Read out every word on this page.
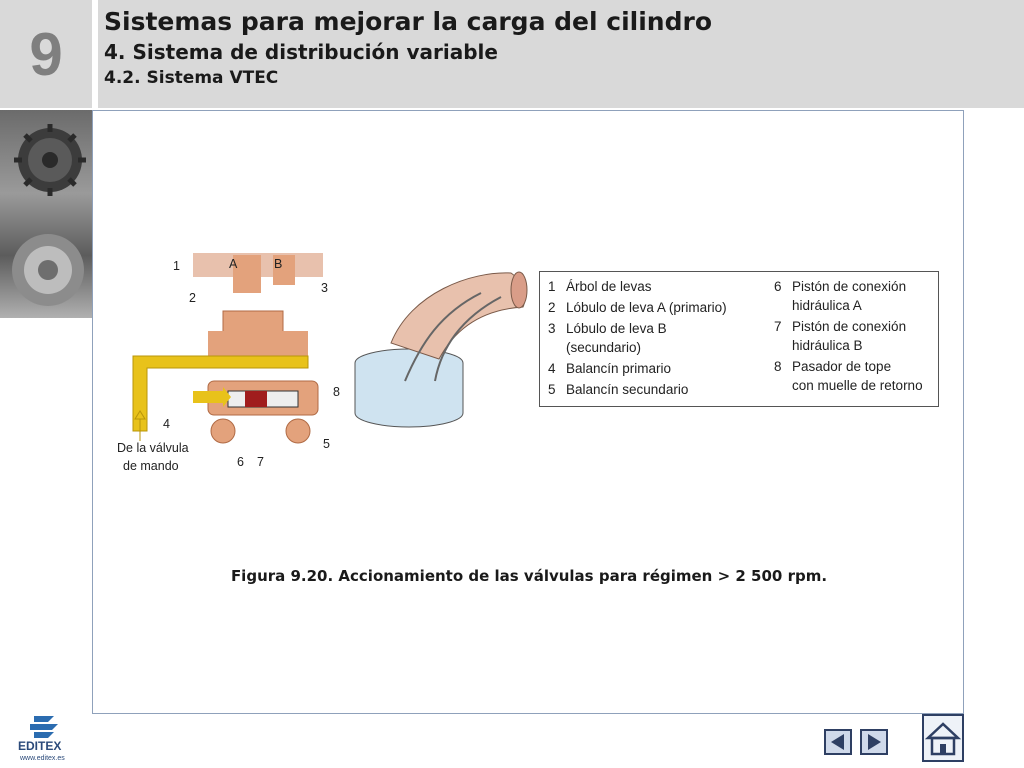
9 Sistemas para mejorar la carga del cilindro
4. Sistema de distribución variable
4.2. Sistema VTEC
A	B
1
2
3
4
5
6 7
8
De la válvula
de mando
1 Árbol de levas
2 Lóbulo de leva A (primario)
3 Lóbulo de leva B
(secundario)
4 Balancín primario
5 Balancín secundario
6 Pistón de conexión
hidráulica A
7 Pistón de conexión
hidráulica B
8 Pasador de tope
con muelle de retorno
Figura 9.20. Accionamiento de las válvulas para régimen > 2 500 rpm.
EDITEX
www.editex.es
